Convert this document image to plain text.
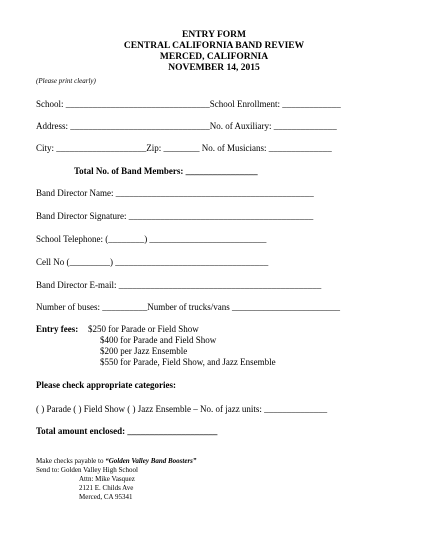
ENTRY FORM
CENTRAL CALIFORNIA BAND REVIEW
MERCED, CALIFORNIA
NOVEMBER 14, 2015
(Please print clearly)
School: ________________________________School Enrollment: _____________
Address: _______________________________No. of Auxiliary: ______________
City: ____________________Zip: ________ No. of Musicians: ______________
Total No. of Band Members: ________________
Band Director Name: ____________________________________________
Band Director Signature: _________________________________________
School Telephone: (________) __________________________
Cell No (_________) __________________________________
Band Director E-mail: _____________________________________________
Number of buses: __________Number of trucks/vans ________________________
Entry fees: $250 for Parade or Field Show
$400 for Parade and Field Show
$200 per Jazz Ensemble
$550 for Parade, Field Show, and Jazz Ensemble
Please check appropriate categories:
( ) Parade ( ) Field Show ( ) Jazz Ensemble – No. of jazz units: ______________
Total amount enclosed: ____________________
Make checks payable to “Golden Valley Band Boosters”
Send to: Golden Valley High School
Attn: Mike Vasquez
2121 E. Childs Ave
Merced, CA 95341
